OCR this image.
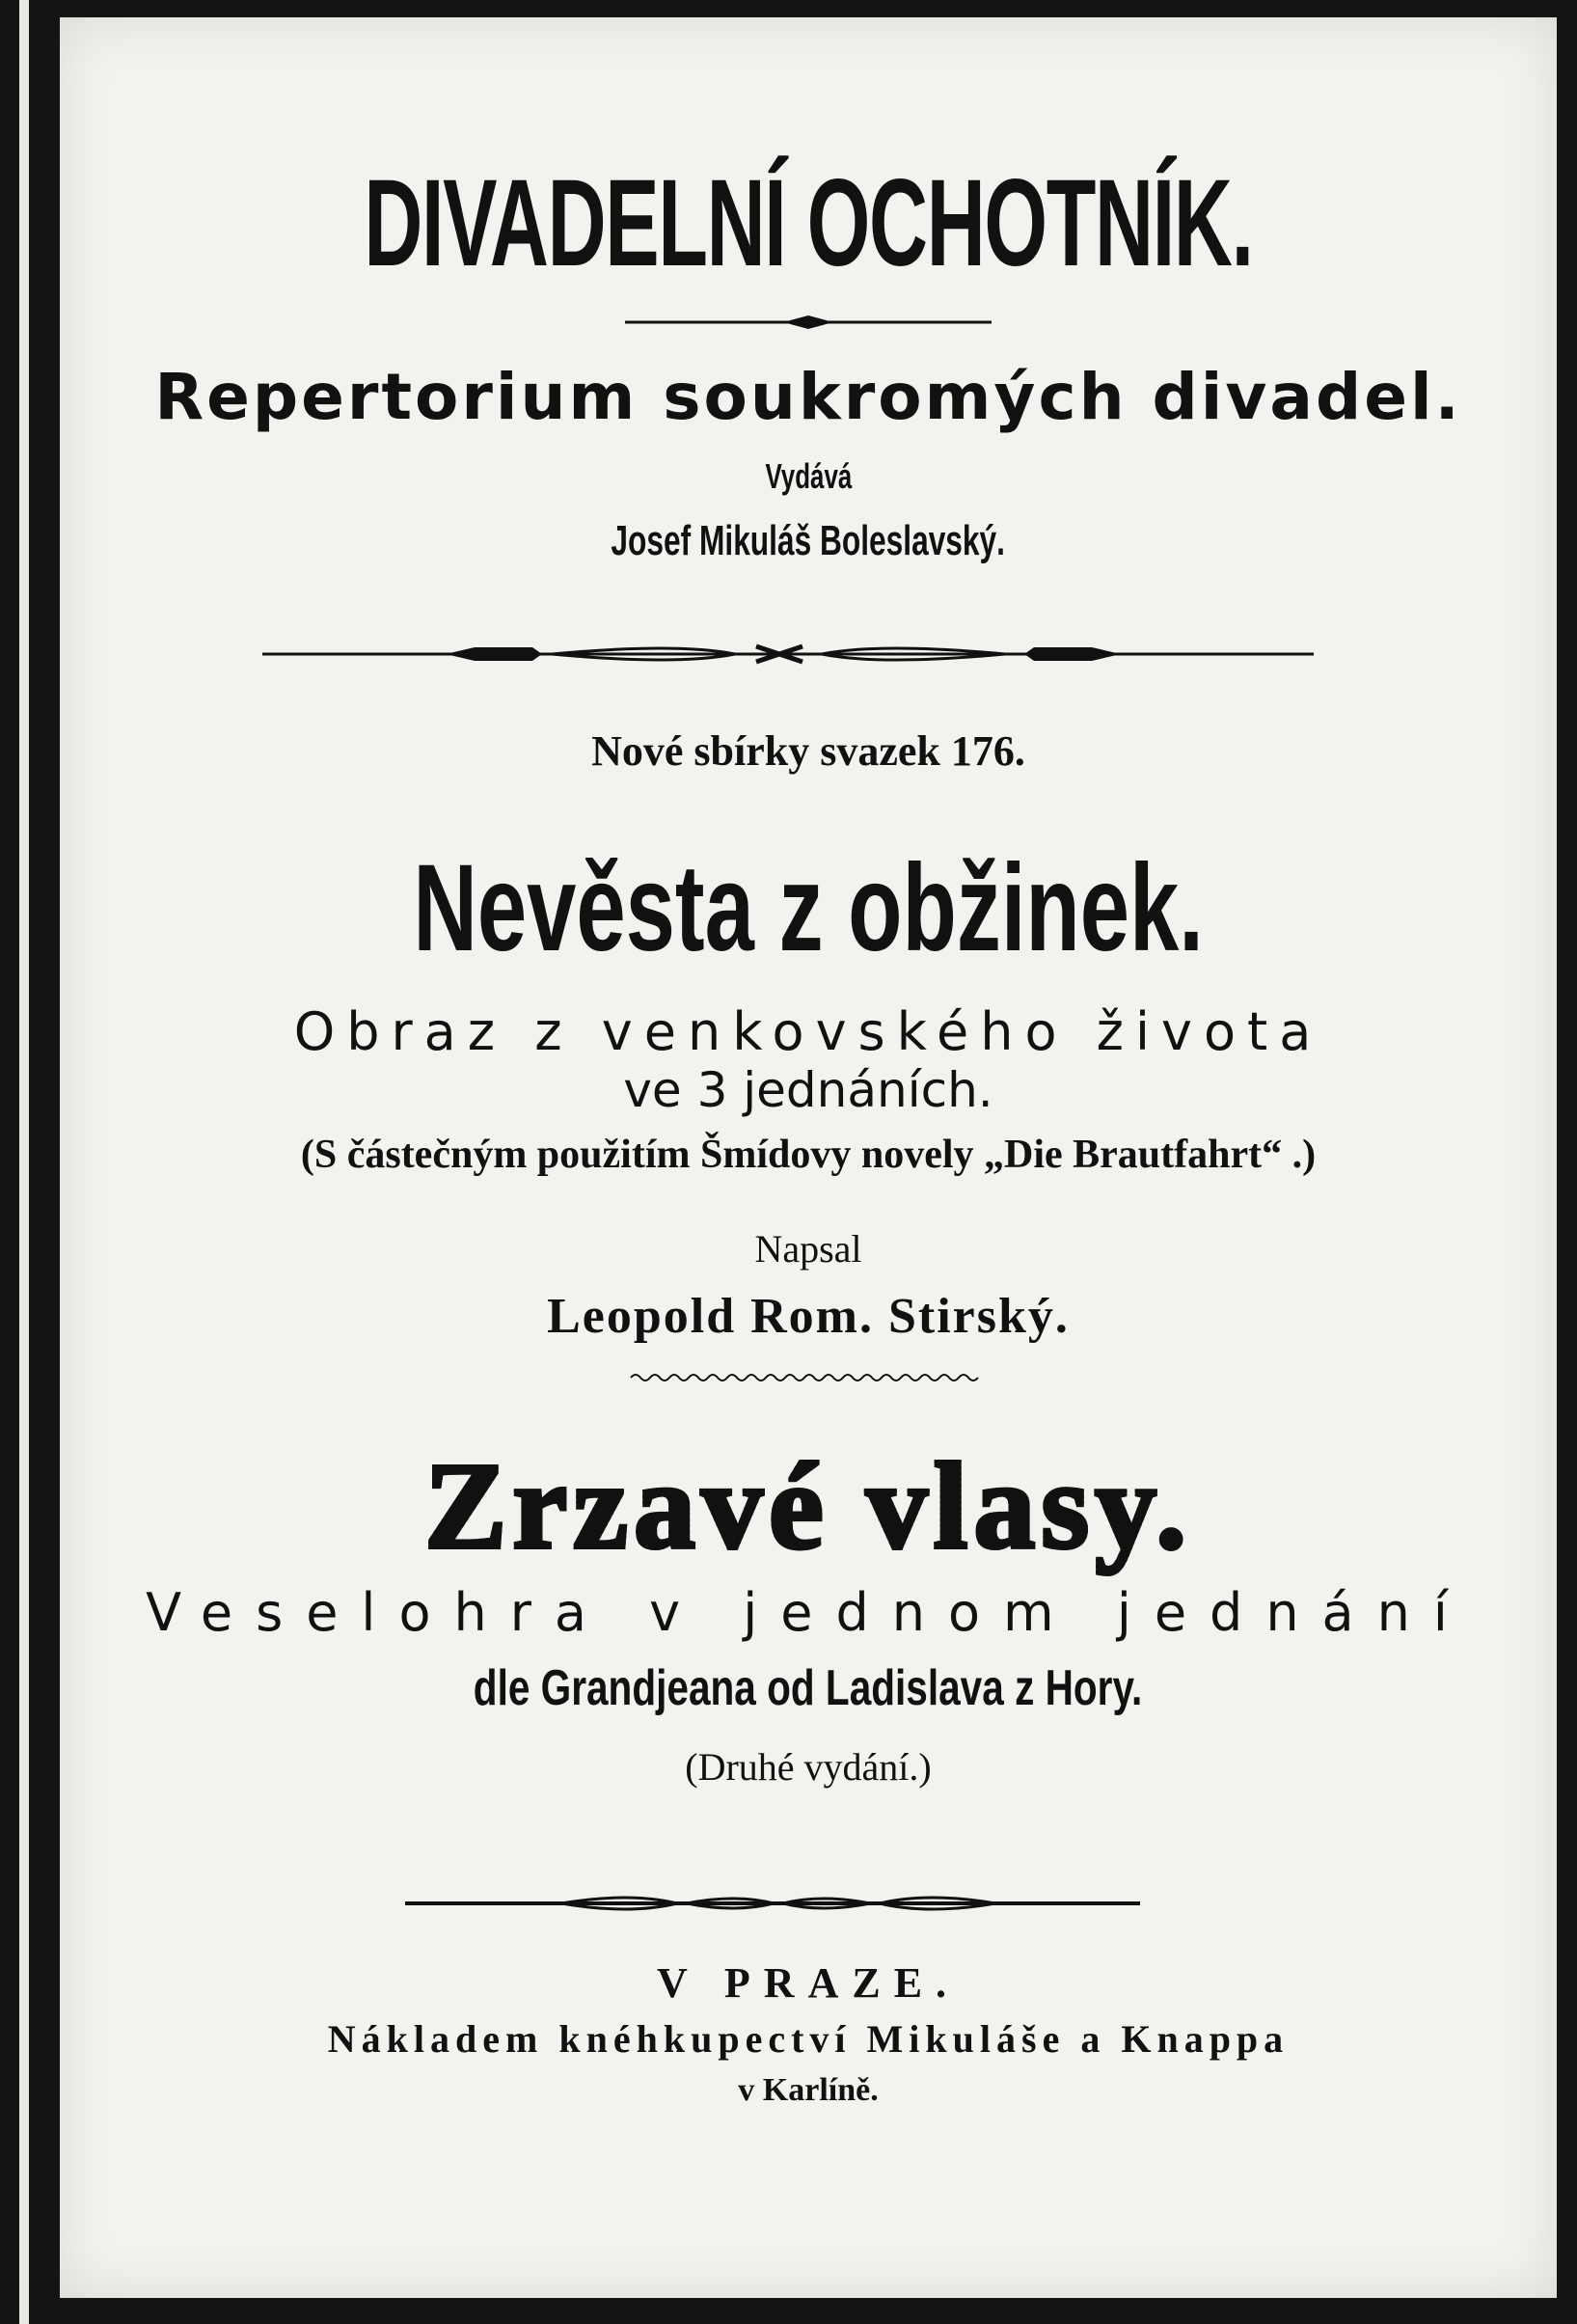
DIVADELNÍ OCHOTNÍK.

Repertorium soukromých divadel.

Vydává

Josef Mikuláš Boleslavský.

Nové sbírky svazek 176.

Nevěsta z obžinek.

Obraz z venkovského života

ve 3 jednáních.

(S částečným použitím Šmídovy novely „Die Brautfahrt“ .)

Napsal

Leopold Rom. Stirský.

Zrzavé vlasy.

Veselohra v jednom jednání

dle Grandjeana od Ladislava z Hory.

(Druhé vydání.)

V PRAZE.

Nákladem knéhkupectví Mikuláše a Knappa

v Karlíně.
